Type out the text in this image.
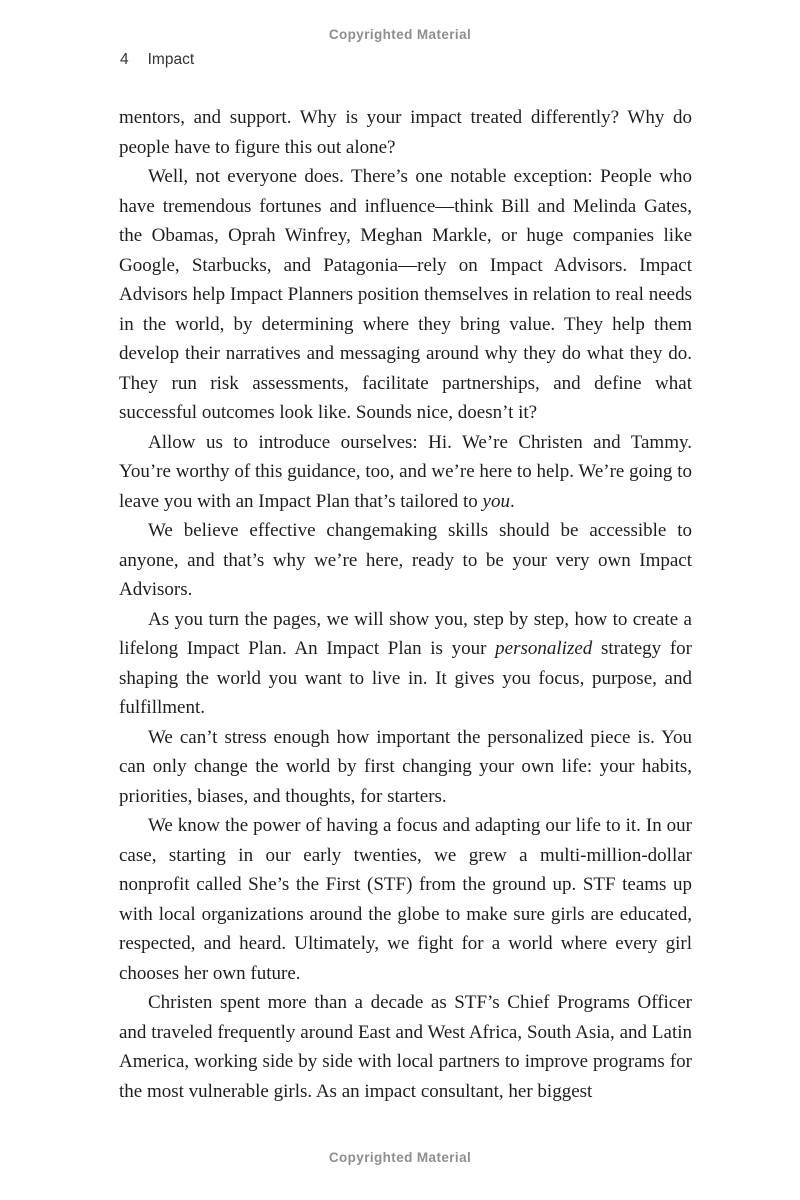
Copyrighted Material
4 Impact

mentors, and support. Why is your impact treated differently? Why do people have to figure this out alone?

Well, not everyone does. There’s one notable exception: People who have tremendous fortunes and influence—think Bill and Melinda Gates, the Obamas, Oprah Winfrey, Meghan Markle, or huge companies like Google, Starbucks, and Patagonia—rely on Impact Advisors. Impact Advisors help Impact Planners position themselves in relation to real needs in the world, by determining where they bring value. They help them develop their narratives and messaging around why they do what they do. They run risk assessments, facilitate partnerships, and define what successful outcomes look like. Sounds nice, doesn’t it?

Allow us to introduce ourselves: Hi. We’re Christen and Tammy. You’re worthy of this guidance, too, and we’re here to help. We’re going to leave you with an Impact Plan that’s tailored to you.

We believe effective changemaking skills should be accessible to anyone, and that’s why we’re here, ready to be your very own Impact Advisors.

As you turn the pages, we will show you, step by step, how to create a lifelong Impact Plan. An Impact Plan is your personalized strategy for shaping the world you want to live in. It gives you focus, purpose, and fulfillment.

We can’t stress enough how important the personalized piece is. You can only change the world by first changing your own life: your habits, priorities, biases, and thoughts, for starters.

We know the power of having a focus and adapting our life to it. In our case, starting in our early twenties, we grew a multi-million-dollar nonprofit called She’s the First (STF) from the ground up. STF teams up with local organizations around the globe to make sure girls are educated, respected, and heard. Ultimately, we fight for a world where every girl chooses her own future.

Christen spent more than a decade as STF’s Chief Programs Officer and traveled frequently around East and West Africa, South Asia, and Latin America, working side by side with local partners to improve programs for the most vulnerable girls. As an impact consultant, her biggest

Copyrighted Material
